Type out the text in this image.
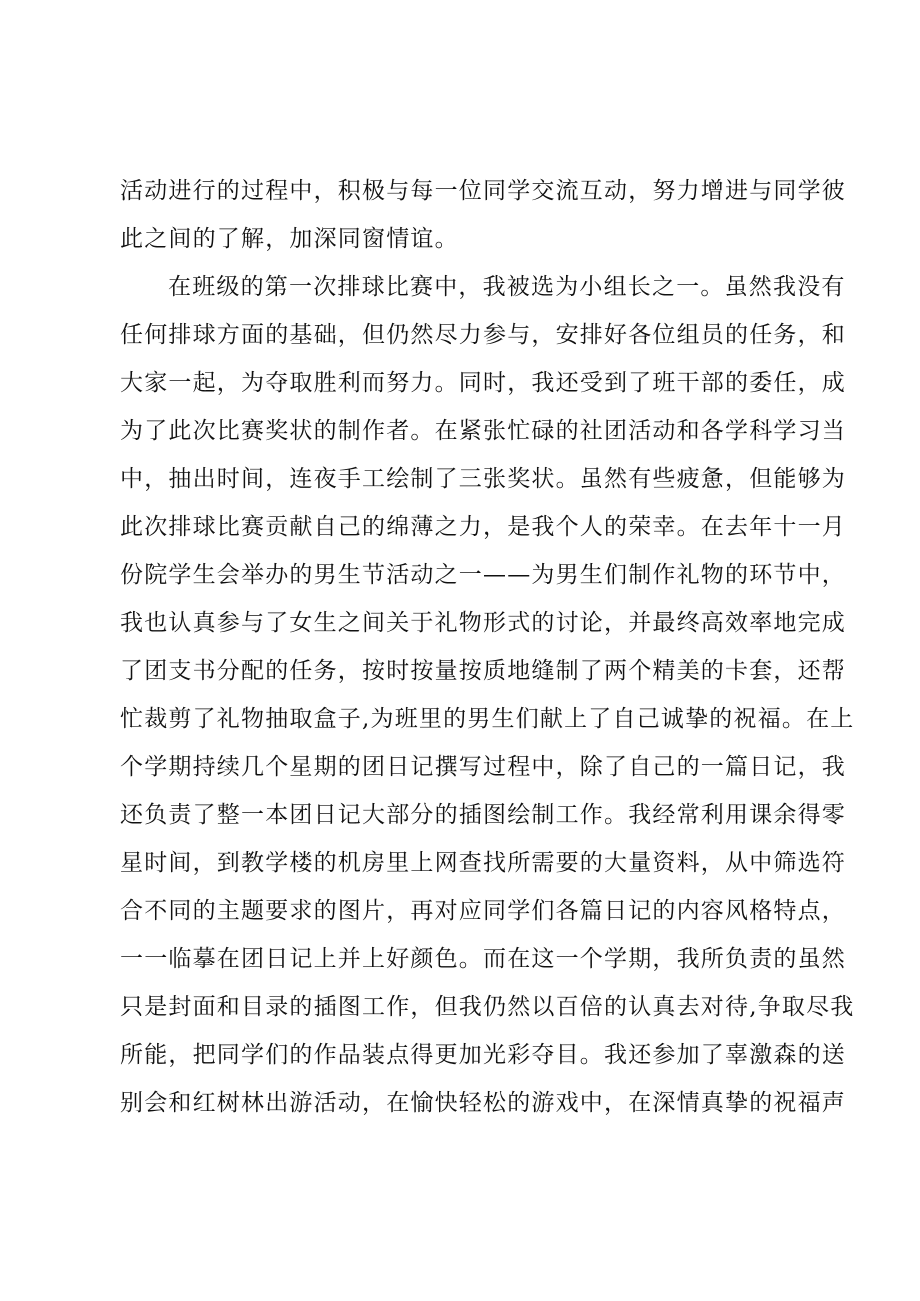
活动进行的过程中，积极与每一位同学交流互动，努力增进与同学彼
此之间的了解，加深同窗情谊。
在班级的第一次排球比赛中，我被选为小组长之一。虽然我没有
任何排球方面的基础，但仍然尽力参与，安排好各位组员的任务，和
大家一起，为夺取胜利而努力。同时，我还受到了班干部的委任，成
为了此次比赛奖状的制作者。在紧张忙碌的社团活动和各学科学习当
中，抽出时间，连夜手工绘制了三张奖状。虽然有些疲惫，但能够为
此次排球比赛贡献自己的绵薄之力，是我个人的荣幸。在去年十一月
份院学生会举办的男生节活动之一——为男生们制作礼物的环节中，
我也认真参与了女生之间关于礼物形式的讨论，并最终高效率地完成
了团支书分配的任务，按时按量按质地缝制了两个精美的卡套，还帮
忙裁剪了礼物抽取盒子,为班里的男生们献上了自己诚挚的祝福。在上
个学期持续几个星期的团日记撰写过程中，除了自己的一篇日记，我
还负责了整一本团日记大部分的插图绘制工作。我经常利用课余得零
星时间，到教学楼的机房里上网查找所需要的大量资料，从中筛选符
合不同的主题要求的图片，再对应同学们各篇日记的内容风格特点，
一一临摹在团日记上并上好颜色。而在这一个学期，我所负责的虽然
只是封面和目录的插图工作，但我仍然以百倍的认真去对待,争取尽我
所能，把同学们的作品装点得更加光彩夺目。我还参加了辜激森的送
别会和红树林出游活动，在愉快轻松的游戏中，在深情真挚的祝福声
